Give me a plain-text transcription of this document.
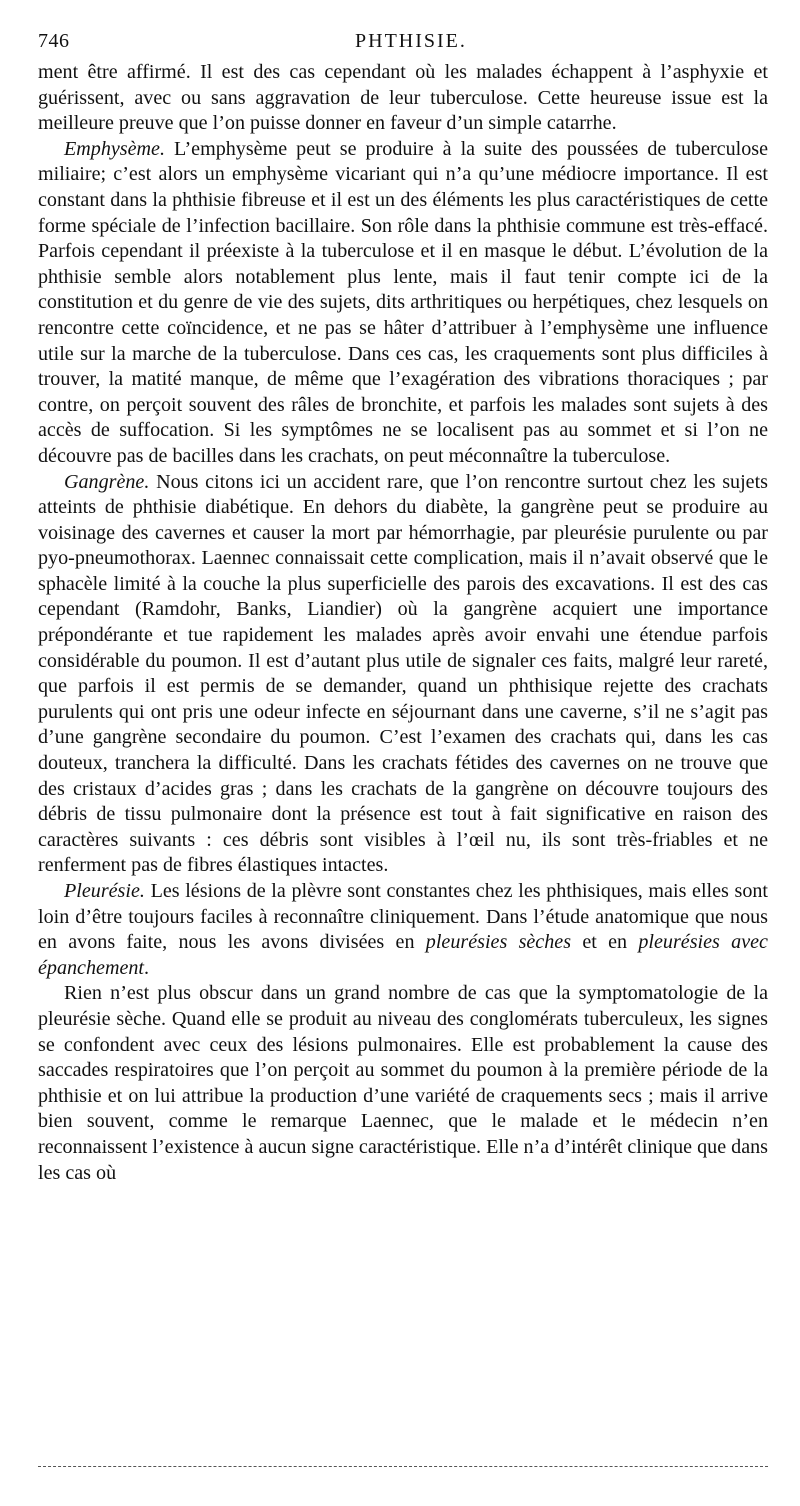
746	PHTHISIE.

ment être affirmé. Il est des cas cependant où les malades échappent à l’asphyxie et guérissent, avec ou sans aggravation de leur tuberculose. Cette heureuse issue est la meilleure preuve que l’on puisse donner en faveur d’un simple catarrhe.

Emphysème. L’emphysème peut se produire à la suite des poussées de tuberculose miliaire; c’est alors un emphysème vicariant qui n’a qu’une médiocre importance. Il est constant dans la phthisie fibreuse et il est un des éléments les plus caractéristiques de cette forme spéciale de l’infection bacillaire. Son rôle dans la phthisie commune est très-effacé. Parfois cependant il préexiste à la tuberculose et il en masque le début. L’évolution de la phthisie semble alors notablement plus lente, mais il faut tenir compte ici de la constitution et du genre de vie des sujets, dits arthritiques ou herpétiques, chez lesquels on rencontre cette coïncidence, et ne pas se hâter d’attribuer à l’emphysème une influence utile sur la marche de la tuberculose. Dans ces cas, les craquements sont plus difficiles à trouver, la matité manque, de même que l’exagération des vibrations thoraciques ; par contre, on perçoit souvent des râles de bronchite, et parfois les malades sont sujets à des accès de suffocation. Si les symptômes ne se localisent pas au sommet et si l’on ne découvre pas de bacilles dans les crachats, on peut méconnaître la tuberculose.

Gangrène. Nous citons ici un accident rare, que l’on rencontre surtout chez les sujets atteints de phthisie diabétique. En dehors du diabète, la gangrène peut se produire au voisinage des cavernes et causer la mort par hémorrhagie, par pleurésie purulente ou par pyo-pneumothorax. Laennec connaissait cette complication, mais il n’avait observé que le sphacèle limité à la couche la plus superficielle des parois des excavations. Il est des cas cependant (Ramdohr, Banks, Liandier) où la gangrène acquiert une importance prépondérante et tue rapidement les malades après avoir envahi une étendue parfois considérable du poumon. Il est d’autant plus utile de signaler ces faits, malgré leur rareté, que parfois il est permis de se demander, quand un phthisique rejette des crachats purulents qui ont pris une odeur infecte en séjournant dans une caverne, s’il ne s’agit pas d’une gangrène secondaire du poumon. C’est l’examen des crachats qui, dans les cas douteux, tranchera la difficulté. Dans les crachats fétides des cavernes on ne trouve que des cristaux d’acides gras ; dans les crachats de la gangrène on découvre toujours des débris de tissu pulmonaire dont la présence est tout à fait significative en raison des caractères suivants : ces débris sont visibles à l’œil nu, ils sont très-friables et ne renferment pas de fibres élastiques intactes.

Pleurésie. Les lésions de la plèvre sont constantes chez les phthisiques, mais elles sont loin d’être toujours faciles à reconnaître cliniquement. Dans l’étude anatomique que nous en avons faite, nous les avons divisées en pleurésies sèches et en pleurésies avec épanchement.

Rien n’est plus obscur dans un grand nombre de cas que la symptomatologie de la pleurésie sèche. Quand elle se produit au niveau des conglomérats tuberculeux, les signes se confondent avec ceux des lésions pulmonaires. Elle est probablement la cause des saccades respiratoires que l’on perçoit au sommet du poumon à la première période de la phthisie et on lui attribue la production d’une variété de craquements secs ; mais il arrive bien souvent, comme le remarque Laennec, que le malade et le médecin n’en reconnaissent l’existence à aucun signe caractéristique. Elle n’a d’intérêt clinique que dans les cas où
